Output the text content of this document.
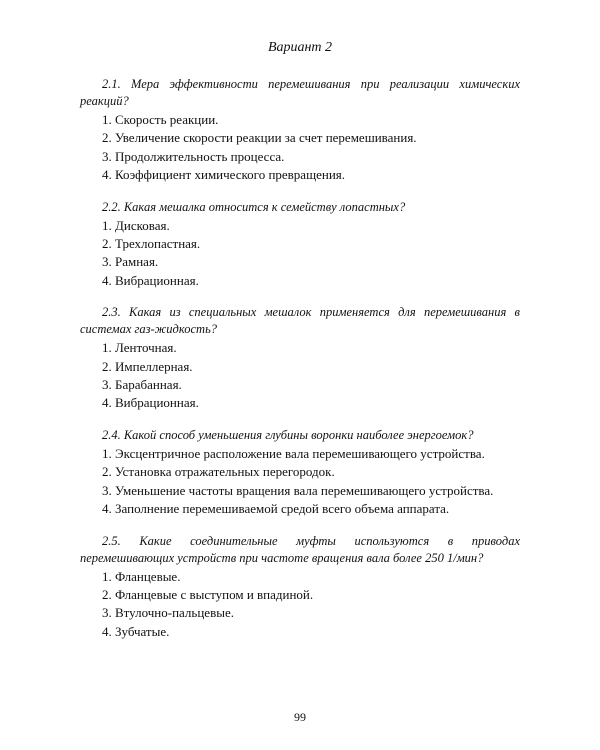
Вариант 2

2.1. Мера эффективности перемешивания при реализации химических реакций?

1. Скорость реакции.
2. Увеличение скорости реакции за счет перемешивания.
3. Продолжительность процесса.
4. Коэффициент химического превращения.

2.2. Какая мешалка относится к семейству лопастных?

1. Дисковая.
2. Трехлопастная.
3. Рамная.
4. Вибрационная.

2.3. Какая из специальных мешалок применяется для перемешивания в системах газ-жидкость?

1. Ленточная.
2. Импеллерная.
3. Барабанная.
4. Вибрационная.

2.4. Какой способ уменьшения глубины воронки наиболее энергоемок?

1. Эксцентричное расположение вала перемешивающего устройства.
2. Установка отражательных перегородок.
3. Уменьшение частоты вращения вала перемешивающего устройства.
4. Заполнение перемешиваемой средой всего объема аппарата.

2.5. Какие соединительные муфты используются в приводах перемешивающих устройств при частоте вращения вала более 250 1/мин?

1. Фланцевые.
2. Фланцевые с выступом и впадиной.
3. Втулочно-пальцевые.
4. Зубчатые.
99
